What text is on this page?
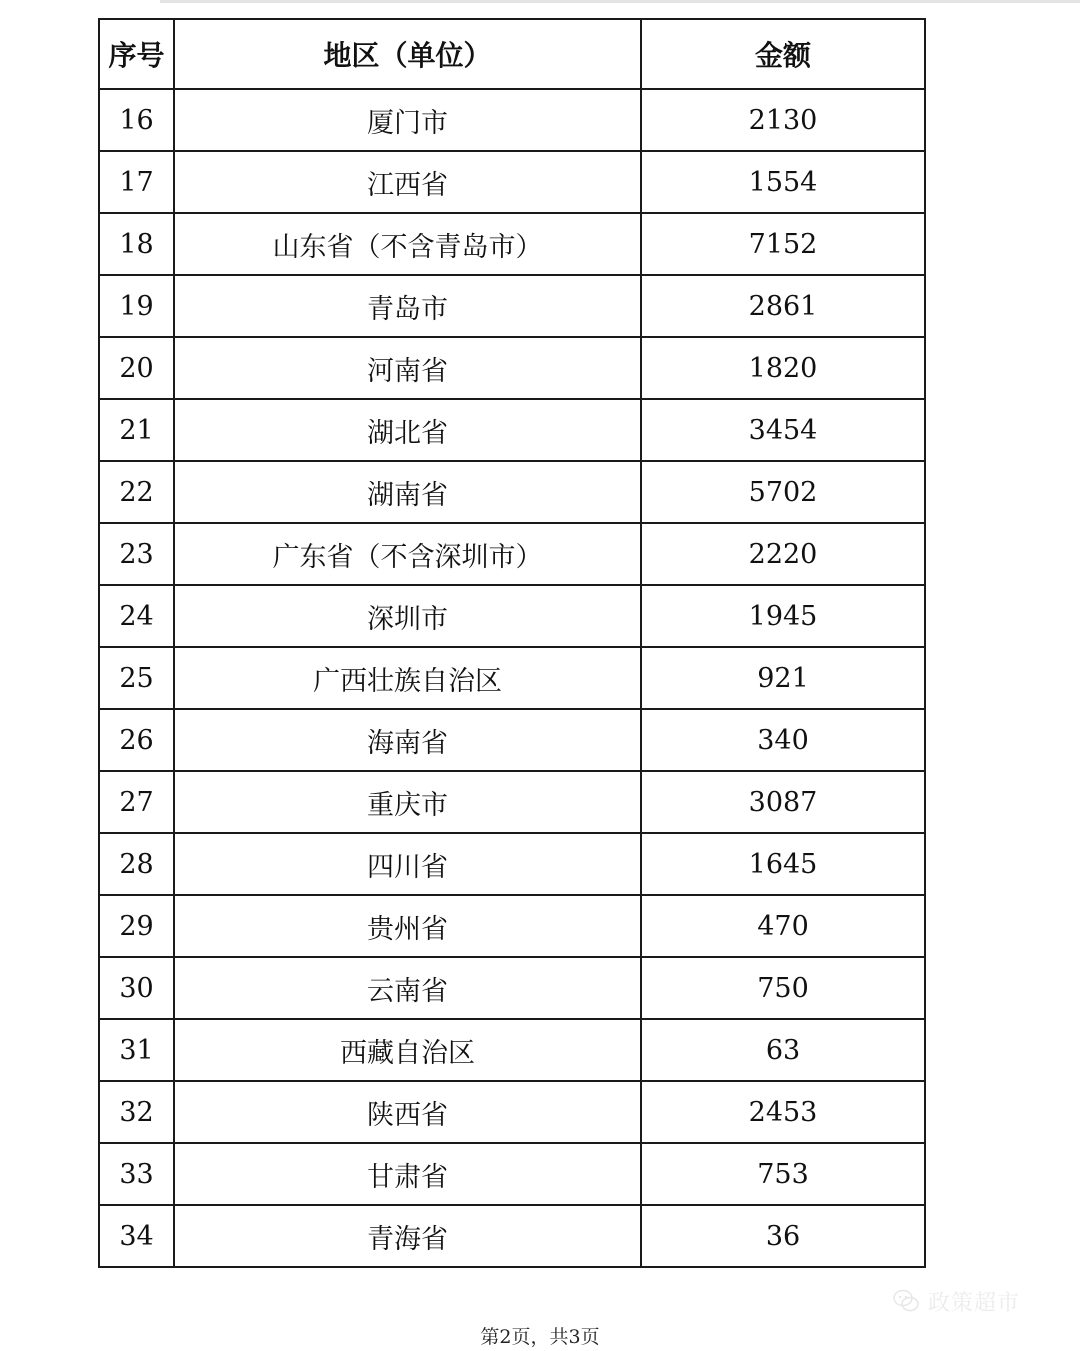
序号	地区（单位）	金额
16	厦门市	2130
17	江西省	1554
18	山东省（不含青岛市）	7152
19	青岛市	2861
20	河南省	1820
21	湖北省	3454
22	湖南省	5702
23	广东省（不含深圳市）	2220
24	深圳市	1945
25	广西壮族自治区	921
26	海南省	340
27	重庆市	3087
28	四川省	1645
29	贵州省	470
30	云南省	750
31	西藏自治区	63
32	陕西省	2453
33	甘肃省	753
34	青海省	36
政策超市
第2页，共3页
